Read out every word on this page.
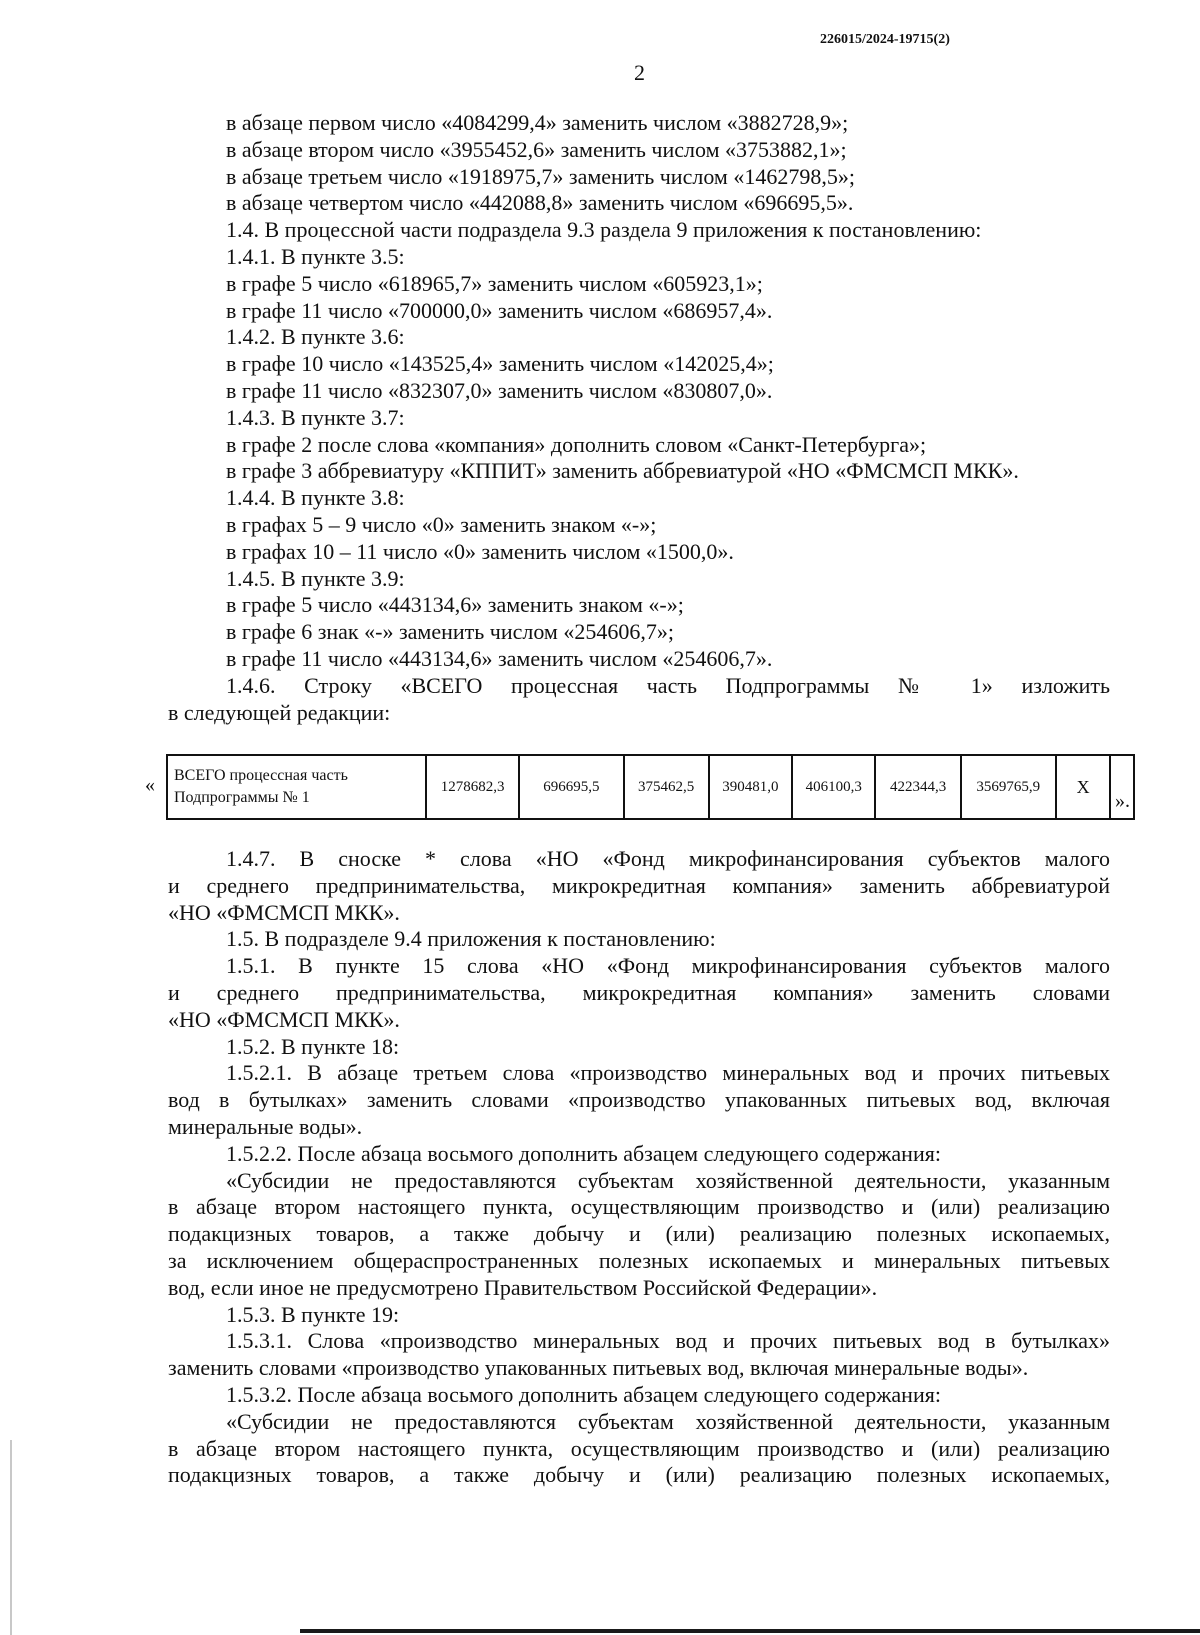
226015/2024-19715(2)
2
в абзаце первом число «4084299,4» заменить числом «3882728,9»;
в абзаце втором число «3955452,6» заменить числом «3753882,1»;
в абзаце третьем число «1918975,7» заменить числом «1462798,5»;
в абзаце четвертом число «442088,8» заменить числом «696695,5».
1.4. В процессной части подраздела 9.3 раздела 9 приложения к постановлению:
1.4.1. В пункте 3.5:
в графе 5 число «618965,7» заменить числом «605923,1»;
в графе 11 число «700000,0» заменить числом «686957,4».
1.4.2. В пункте 3.6:
в графе 10 число «143525,4» заменить числом «142025,4»;
в графе 11 число «832307,0» заменить числом «830807,0».
1.4.3. В пункте 3.7:
в графе 2 после слова «компания» дополнить словом «Санкт-Петербурга»;
в графе 3 аббревиатуру «КППИТ» заменить аббревиатурой «НО «ФМСМСП МКК».
1.4.4. В пункте 3.8:
в графах 5 – 9 число «0» заменить знаком «-»;
в графах 10 – 11 число «0» заменить числом «1500,0».
1.4.5. В пункте 3.9:
в графе 5 число «443134,6» заменить знаком «-»;
в графе 6 знак «-» заменить числом «254606,7»;
в графе 11 число «443134,6» заменить числом «254606,7».
1.4.6. Строку «ВСЕГО процессная часть Подпрограммы № 1» изложить
в следующей редакции:
« ВСЕГО процессная часть Подпрограммы № 1	1278682,3	696695,5	375462,5	390481,0	406100,3	422344,3	3569765,9	X	
».
1.4.7. В сноске * слова «НО «Фонд микрофинансирования субъектов малого
и среднего предпринимательства, микрокредитная компания» заменить аббревиатурой
«НО «ФМСМСП МКК».
1.5. В подразделе 9.4 приложения к постановлению:
1.5.1. В пункте 15 слова «НО «Фонд микрофинансирования субъектов малого
и среднего предпринимательства, микрокредитная компания» заменить словами
«НО «ФМСМСП МКК».
1.5.2. В пункте 18:
1.5.2.1. В абзаце третьем слова «производство минеральных вод и прочих питьевых
вод в бутылках» заменить словами «производство упакованных питьевых вод, включая
минеральные воды».
1.5.2.2. После абзаца восьмого дополнить абзацем следующего содержания:
«Субсидии не предоставляются субъектам хозяйственной деятельности, указанным
в абзаце втором настоящего пункта, осуществляющим производство и (или) реализацию
подакцизных товаров, а также добычу и (или) реализацию полезных ископаемых,
за исключением общераспространенных полезных ископаемых и минеральных питьевых
вод, если иное не предусмотрено Правительством Российской Федерации».
1.5.3. В пункте 19:
1.5.3.1. Слова «производство минеральных вод и прочих питьевых вод в бутылках»
заменить словами «производство упакованных питьевых вод, включая минеральные воды».
1.5.3.2. После абзаца восьмого дополнить абзацем следующего содержания:
«Субсидии не предоставляются субъектам хозяйственной деятельности, указанным
в абзаце втором настоящего пункта, осуществляющим производство и (или) реализацию
подакцизных товаров, а также добычу и (или) реализацию полезных ископаемых,
